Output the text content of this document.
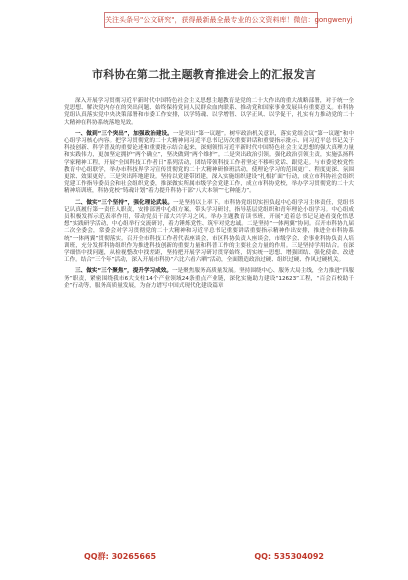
关注头条号"公文研究"，获得最新最全最专业的公文资料库！微信：gongwenyj
市科协在第二批主题教育推进会上的汇报发言

深入开展学习贯彻习近平新时代中国特色社会主义思想主题教育是党的二十大作出的重大战略部署，对于统一全党思想、解决党内存在的突出问题、始终保持党同人民群众血肉联系、推动党和国家事业发展具有重要意义。市科协党组认真落实党中央决策部署和市委工作安排，以学铸魂、以学增智、以学正风、以学促干，扎实有力推动党的二十大精神在科协系统落地见效。

一、做到“三个突出”，加强政治建设。一是突出“第一议题”。树牢政治机关意识，落实党组会议“第一议题”和中心组学习核心内容。把学习贯彻党的二十大精神同习近平总书记历次重要讲话和重要指示批示、同习近平总书记关于科技创新、科学普及的重要论述和重要批示结合起来，深刻领悟习近平新时代中国特色社会主义思想的强大真理力量和实践伟力，更加坚定拥护“两个确立”，坚决做到“两个维护”。二是突出政治引领。强化政治引领主责，实施弘扬科学家精神工程，开展“全国科技工作者日”系列活动，团结带领科技工作者坚定不移听党话、跟党走。与市委党校党性教育中心组联学，举办市科技界学习宣传贯彻党的二十大精神研修班活动，使理论学习的范围更广、程度更深、氛围更浓、效果更好。三是突出阵地建设。坚持以党建带团建，深入实施组织建设“扎根扩面”行动，成立市科协社会组织党建工作指导委员会和社会组织党委，推深做实所属市级学会党建工作，成立市科协党校，举办学习贯彻党的二十大精神培训班，科协党校“铸魂计划”着力提升科协干部“八大本领”“七种能力”。

二、做实“三个坚持”，强化理论武装。一是坚持以上率下。市科协党组切实担负起中心组学习主体责任，党组书记认真履行第一责任人职责，安排部署中心组方案，带头学习研讨，指导基层党组织和青年理论小组学习。中心组成员积极发挥示范表率作用，带动党员干部大兴学习之风。举办主题教育读书班，开展“追着总书记足迹看变化悟思想”实践研学活动，中心组举行交流研讨，着力锤炼党性、筑牢对党忠诚。二是坚持“一体两翼”协同。召开市科协九届二次全委会，常委会对学习贯彻党的二十大精神和习近平总书记重要讲话重要指示精神作出安排，推进全市科协系统“一体两翼”贯彻落实。召开全市科技工作者代表座谈会，市区科协负责人座谈会，市级学会、企事业科协负责人培训班，充分发挥科协组织作为推进科技创新的重要力量和科普工作的主要社会力量的作用。三是坚持学用结合。在深学细悟中找问题，从检视整改中找差距，坚持把开展学习研讨贯穿始终，切实统一思想、增强团结、强化使命、改进工作。结合“三个年”活动，深入开展市科协“六比六看六晒”活动，全面锻造政治过硬、组织过硬、作风过硬机关。

三、做实“三个聚焦”，提升学习成效。一是聚焦服务高质量发展。坚持围绕中心、服务大局主线，全力推进“四服务”职责，紧密围绕我市6大支柱14个产业领域24条重点产业链，深化实施助力建设“12623”工程，“百会百校助千企”行动等，服务高质量发展，为奋力谱写中国式现代化建设篇章

QQ群: 30265665	QQ: 535304092
